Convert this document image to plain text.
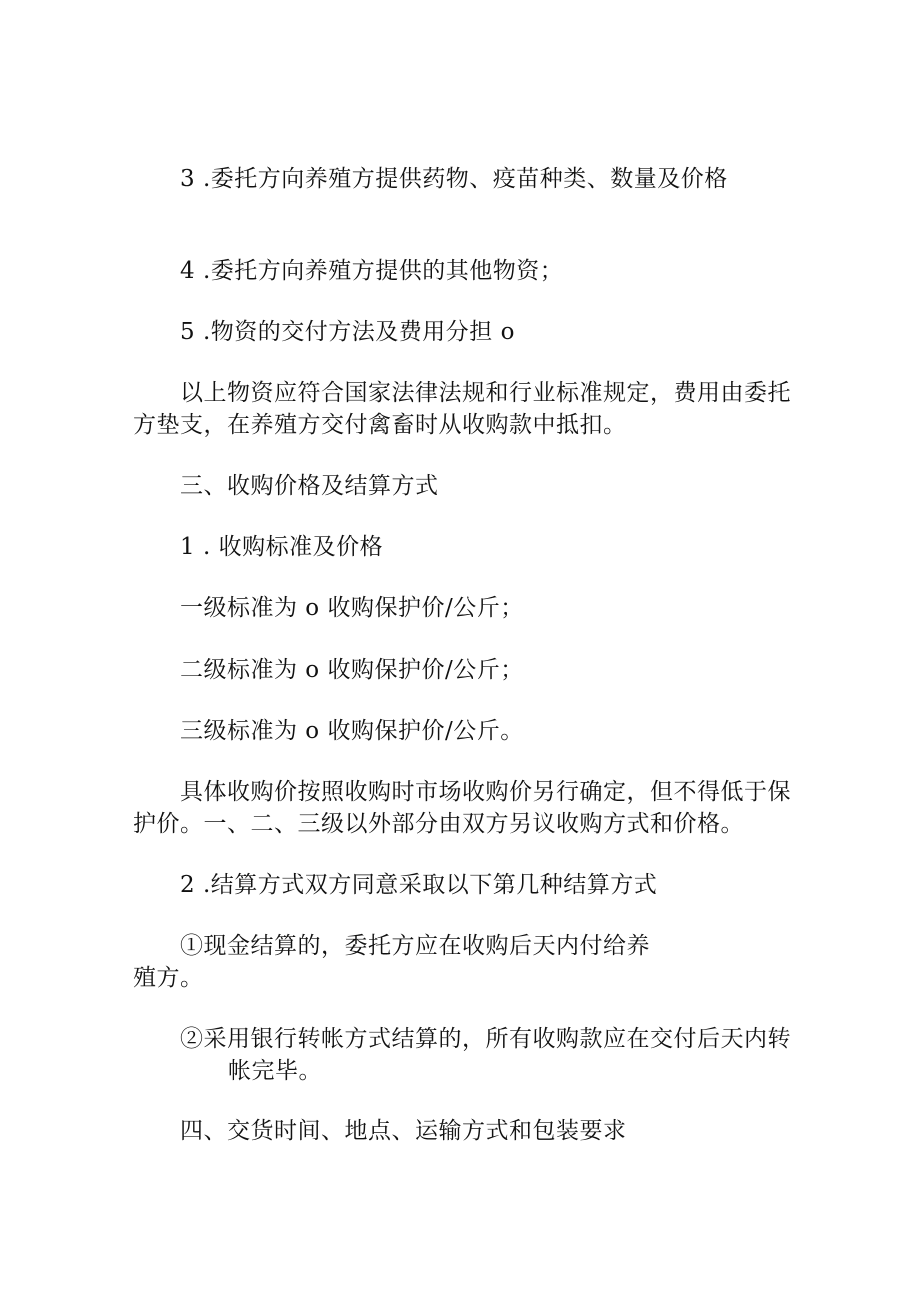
3 .委托方向养殖方提供药物、疫苗种类、数量及价格
4 .委托方向养殖方提供的其他物资；
5 .物资的交付方法及费用分担 o
以上物资应符合国家法律法规和行业标准规定，费用由委托
方垫支，在养殖方交付禽畜时从收购款中抵扣。
三、收购价格及结算方式
1 . 收购标准及价格
一级标准为 o 收购保护价/公斤；
二级标准为 o 收购保护价/公斤；
三级标准为 o 收购保护价/公斤。
具体收购价按照收购时市场收购价另行确定，但不得低于保
护价。一、二、三级以外部分由双方另议收购方式和价格。
2 .结算方式双方同意采取以下第几种结算方式
①现金结算的，委托方应在收购后天内付给养
殖方。
②采用银行转帐方式结算的，所有收购款应在交付后天内转
帐完毕。
四、交货时间、地点、运输方式和包装要求
